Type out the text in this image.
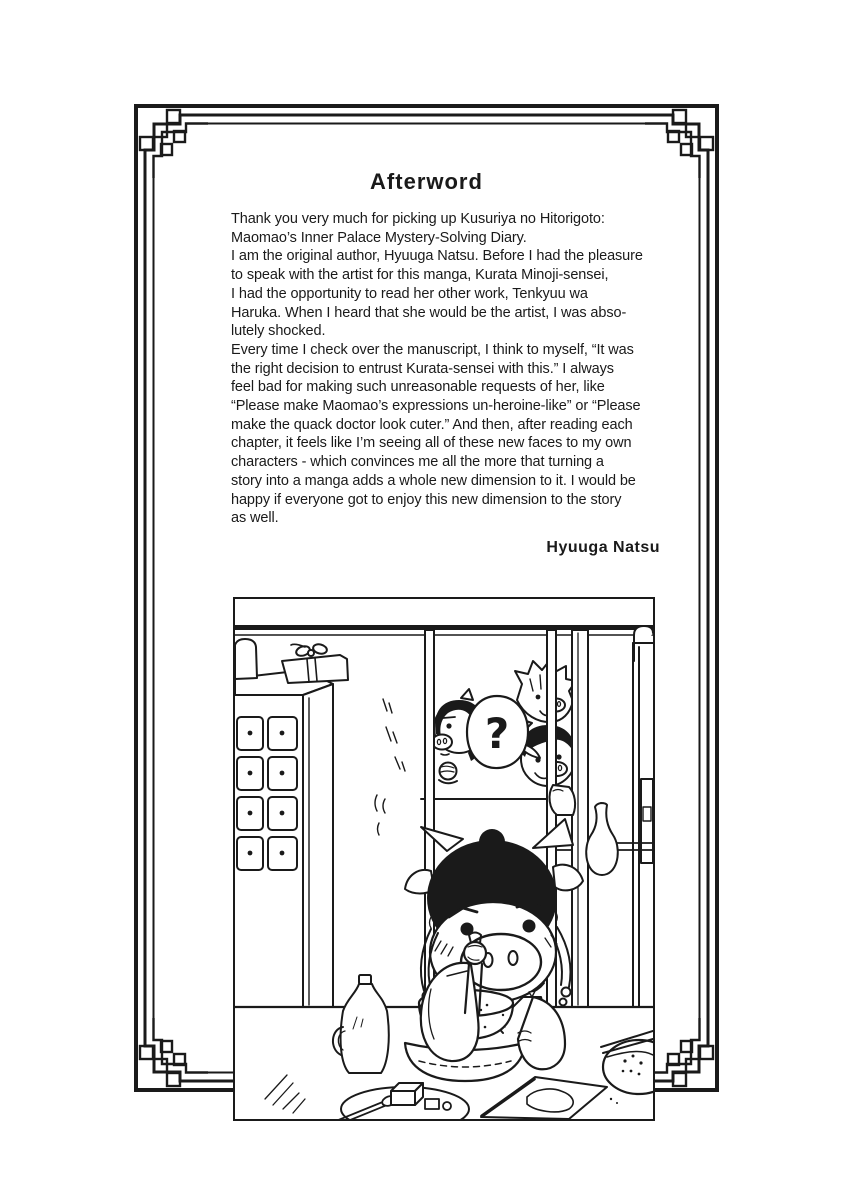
Afterword
Thank you very much for picking up Kusuriya no Hitorigoto:
Maomao’s Inner Palace Mystery-Solving Diary.
I am the original author, Hyuuga Natsu. Before I had the pleasure
to speak with the artist for this manga, Kurata Minoji-sensei,
I had the opportunity to read her other work, Tenkyuu wa
Haruka. When I heard that she would be the artist, I was abso-
lutely shocked.
Every time I check over the manuscript, I think to myself, “It was
the right decision to entrust Kurata-sensei with this.” I always
feel bad for making such unreasonable requests of her, like
“Please make Maomao’s expressions un-heroine-like” or “Please
make the quack doctor look cuter.” And then, after reading each
chapter, it feels like I’m seeing all of these new faces to my own
characters - which convinces me all the more that turning a
story into a manga adds a whole new dimension to it. I would be
happy if everyone got to enjoy this new dimension to the story
as well.
Hyuuga Natsu
?
